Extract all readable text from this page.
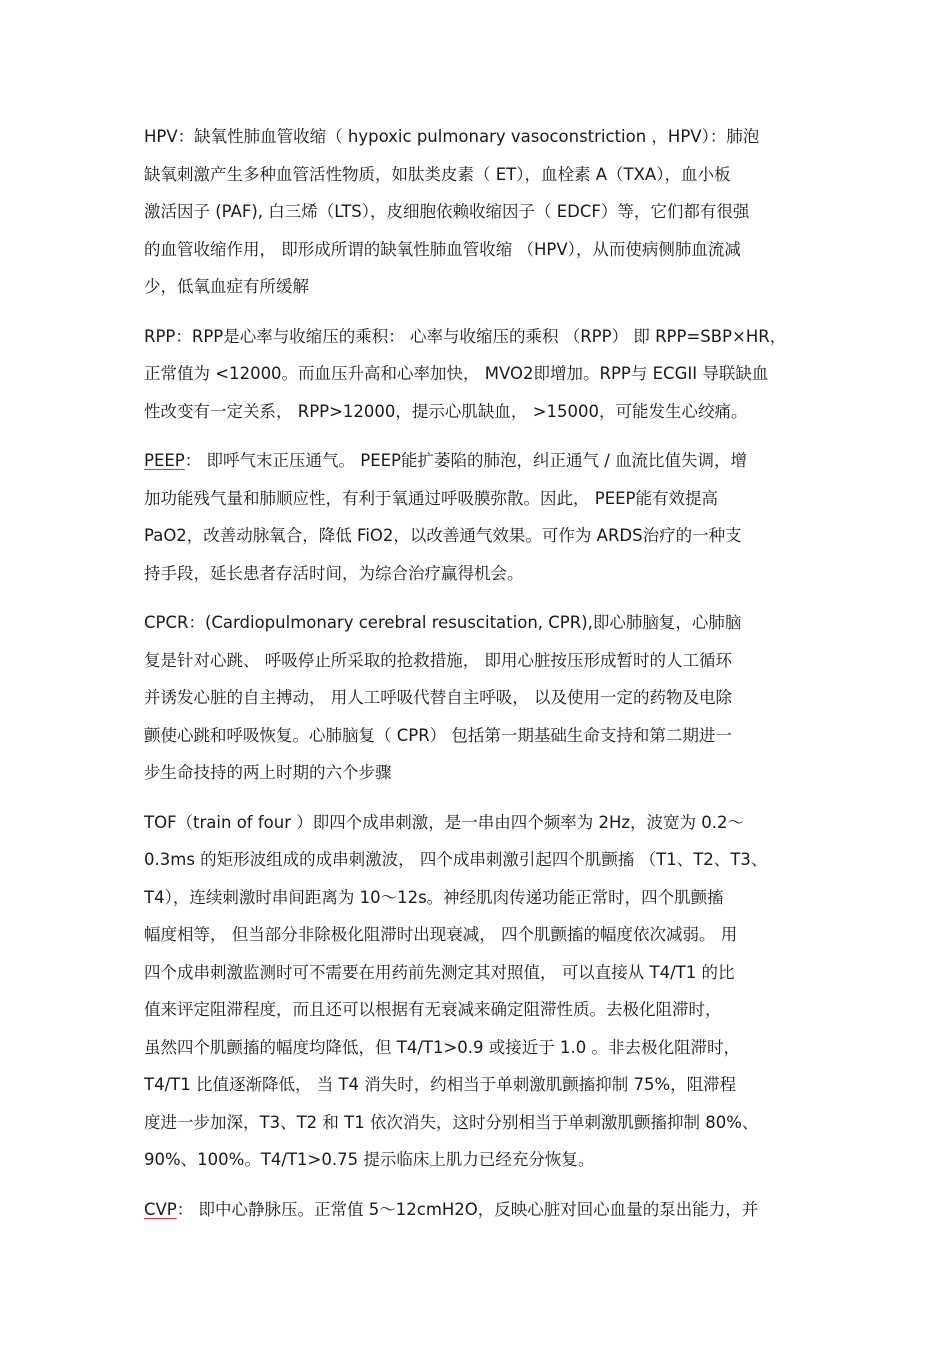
HPV：缺氧性肺血管收缩（ hypoxic pulmonary vasoconstriction ，HPV）：肺泡
缺氧刺激产生多种血管活性物质，如肽类皮素（ ET），血栓素 A（TXA），血小板
激活因子 (PAF), 白三烯（LTS），皮细胞依赖收缩因子（ EDCF）等，它们都有很强
的血管收缩作用， 即形成所谓的缺氧性肺血管收缩 （HPV），从而使病侧肺血流减
少，低氧血症有所缓解
RPP：RPP是心率与收缩压的乘积： 心率与收缩压的乘积 （RPP） 即 RPP=SBP×HR，
正常值为 <12000。而血压升高和心率加快， MVO2即增加。RPP与 ECGII 导联缺血
性改变有一定关系， RPP>12000，提示心肌缺血， >15000，可能发生心绞痛。
PEEP： 即呼气末正压通气。 PEEP能扩萎陷的肺泡，纠正通气 / 血流比值失调，增
加功能残气量和肺顺应性，有利于氧通过呼吸膜弥散。因此， PEEP能有效提高
PaO2，改善动脉氧合，降低 FiO2，以改善通气效果。可作为 ARDS治疗的一种支
持手段，延长患者存活时间，为综合治疗赢得机会。
CPCR：(Cardiopulmonary cerebral resuscitation, CPR),即心肺脑复，心肺脑
复是针对心跳、 呼吸停止所采取的抢救措施， 即用心脏按压形成暂时的人工循环
并诱发心脏的自主搏动， 用人工呼吸代替自主呼吸， 以及使用一定的药物及电除
颤使心跳和呼吸恢复。心肺脑复（ CPR） 包括第一期基础生命支持和第二期进一
步生命技持的两上时期的六个步骤
TOF（train of four ）即四个成串刺激，是一串由四个频率为 2Hz，波宽为 0.2～
0.3ms 的矩形波组成的成串刺激波， 四个成串刺激引起四个肌颤搐 （T1、T2、T3、
T4），连续刺激时串间距离为 10～12s。神经肌肉传递功能正常时，四个肌颤搐
幅度相等， 但当部分非除极化阻滞时出现衰减， 四个肌颤搐的幅度依次减弱。 用
四个成串刺激监测时可不需要在用药前先测定其对照值， 可以直接从 T4/T1 的比
值来评定阻滞程度，而且还可以根据有无衰减来确定阻滞性质。去极化阻滞时，
虽然四个肌颤搐的幅度均降低，但 T4/T1>0.9 或接近于 1.0 。非去极化阻滞时，
T4/T1 比值逐渐降低， 当 T4 消失时，约相当于单刺激肌颤搐抑制 75%，阻滞程
度进一步加深，T3、T2 和 T1 依次消失，这时分别相当于单刺激肌颤搐抑制 80%、
90%、100%。T4/T1>0.75 提示临床上肌力已经充分恢复。
CVP： 即中心静脉压。正常值 5～12cmH2O，反映心脏对回心血量的泵出能力，并
